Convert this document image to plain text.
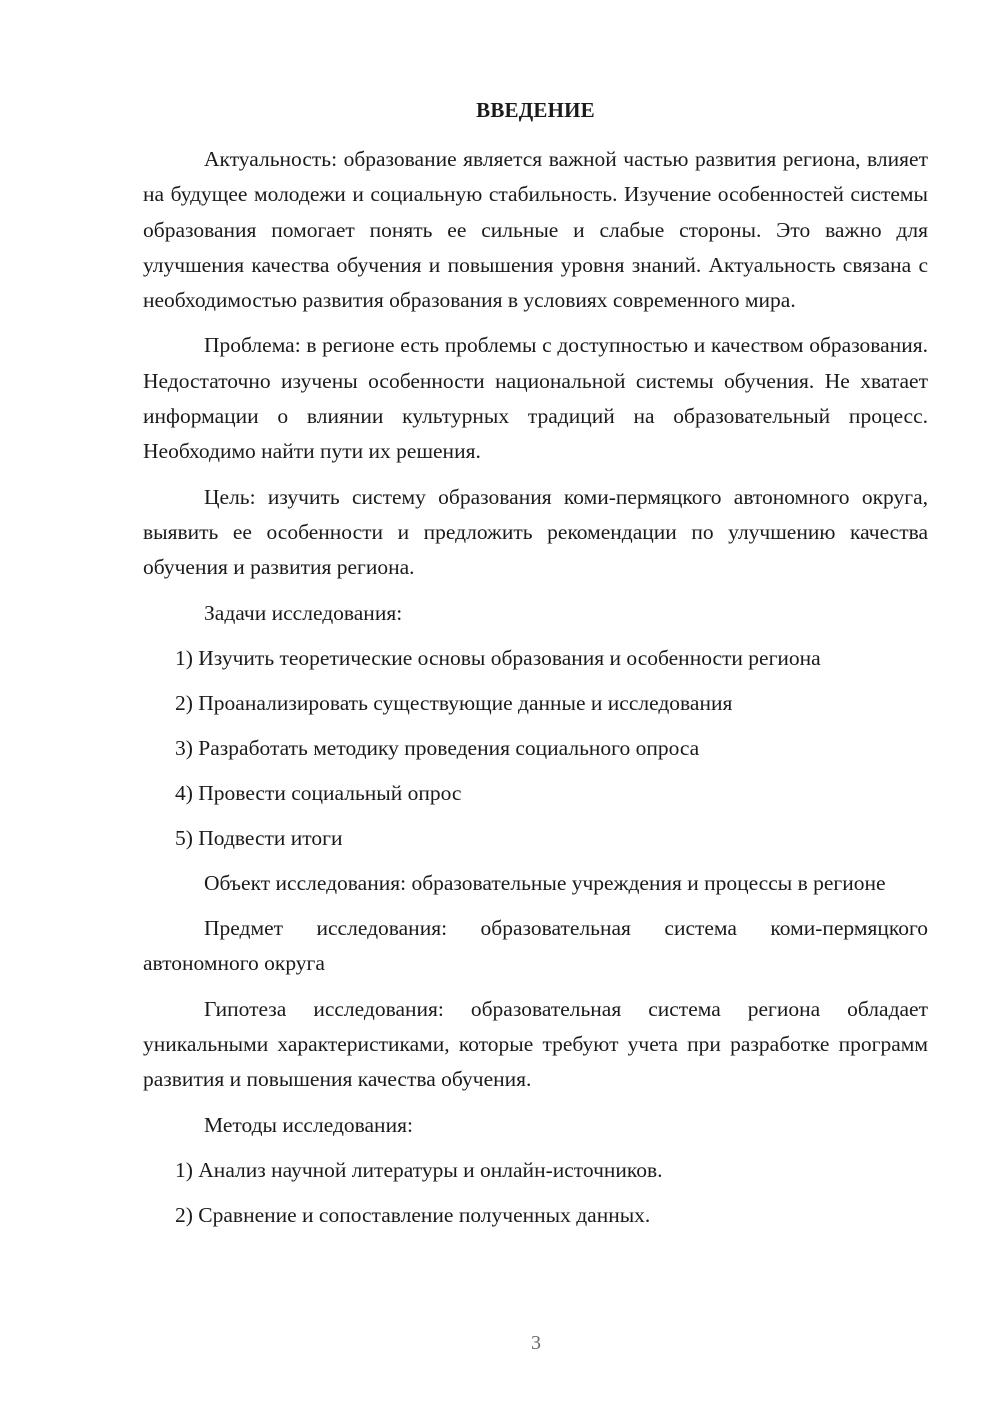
ВВЕДЕНИЕ

Актуальность: образование является важной частью развития региона, влияет на будущее молодежи и социальную стабильность. Изучение особенностей системы образования помогает понять ее сильные и слабые стороны. Это важно для улучшения качества обучения и повышения уровня знаний. Актуальность связана с необходимостью развития образования в условиях современного мира.

Проблема: в регионе есть проблемы с доступностью и качеством образования. Недостаточно изучены особенности национальной системы обучения. Не хватает информации о влиянии культурных традиций на образовательный процесс. Необходимо найти пути их решения.

Цель: изучить систему образования коми-пермяцкого автономного округа, выявить ее особенности и предложить рекомендации по улучшению качества обучения и развития региона.

Задачи исследования:

1) Изучить теоретические основы образования и особенности региона
2) Проанализировать существующие данные и исследования
3) Разработать методику проведения социального опроса
4) Провести социальный опрос
5) Подвести итоги

Объект исследования: образовательные учреждения и процессы в регионе

Предмет исследования: образовательная система коми-пермяцкого автономного округа

Гипотеза исследования: образовательная система региона обладает уникальными характеристиками, которые требуют учета при разработке программ развития и повышения качества обучения.

Методы исследования:

1) Анализ научной литературы и онлайн-источников.
2) Сравнение и сопоставление полученных данных.
3
